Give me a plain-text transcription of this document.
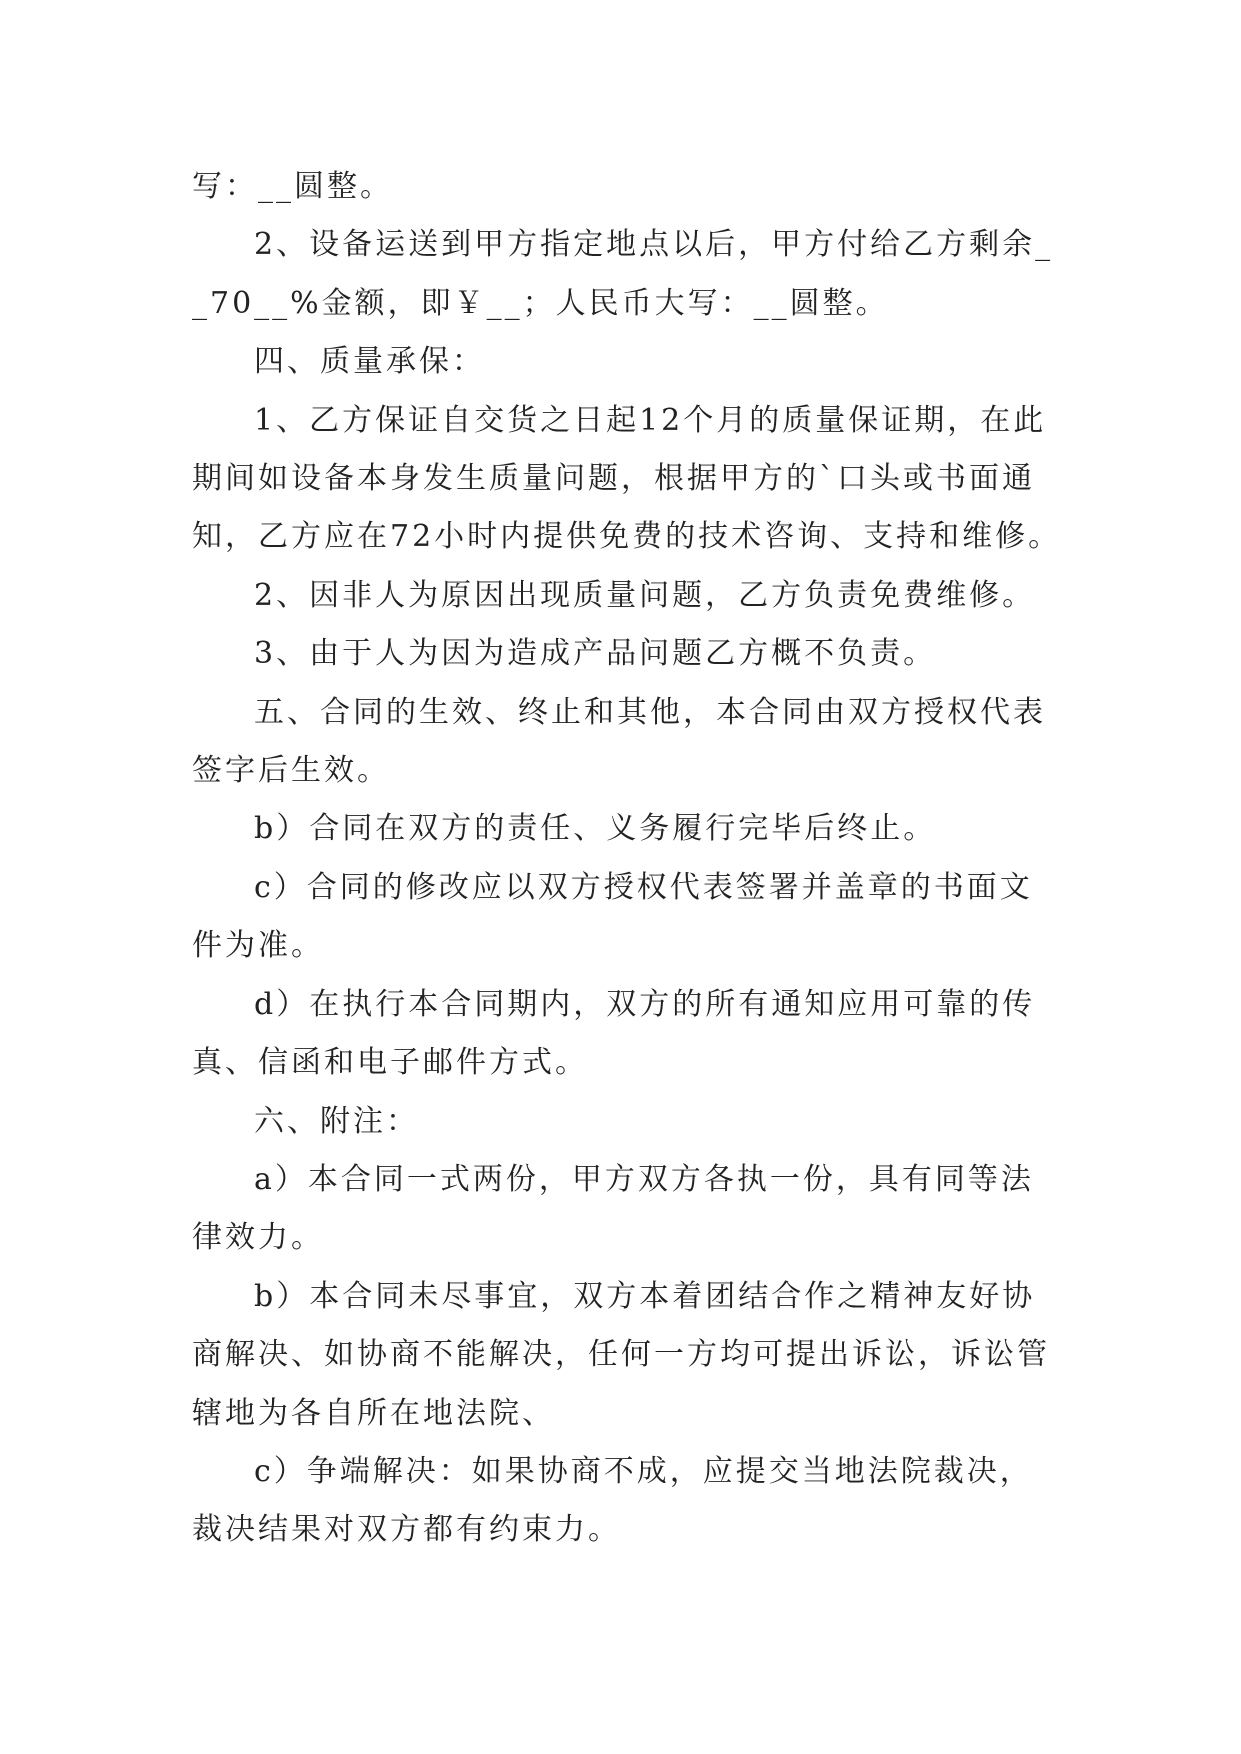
写：__圆整。

2、设备运送到甲方指定地点以后，甲方付给乙方剩余__70__%金额，即￥__；人民币大写：__圆整。

四、质量承保：

1、乙方保证自交货之日起12个月的质量保证期，在此期间如设备本身发生质量问题，根据甲方的`口头或书面通知，乙方应在72小时内提供免费的技术咨询、支持和维修。

2、因非人为原因出现质量问题，乙方负责免费维修。

3、由于人为因为造成产品问题乙方概不负责。

五、合同的生效、终止和其他，本合同由双方授权代表签字后生效。

b）合同在双方的责任、义务履行完毕后终止。

c）合同的修改应以双方授权代表签署并盖章的书面文件为准。

d）在执行本合同期内，双方的所有通知应用可靠的传真、信函和电子邮件方式。

六、附注：

a）本合同一式两份，甲方双方各执一份，具有同等法律效力。

b）本合同未尽事宜，双方本着团结合作之精神友好协商解决、如协商不能解决，任何一方均可提出诉讼，诉讼管辖地为各自所在地法院、

c）争端解决：如果协商不成，应提交当地法院裁决，裁决结果对双方都有约束力。
